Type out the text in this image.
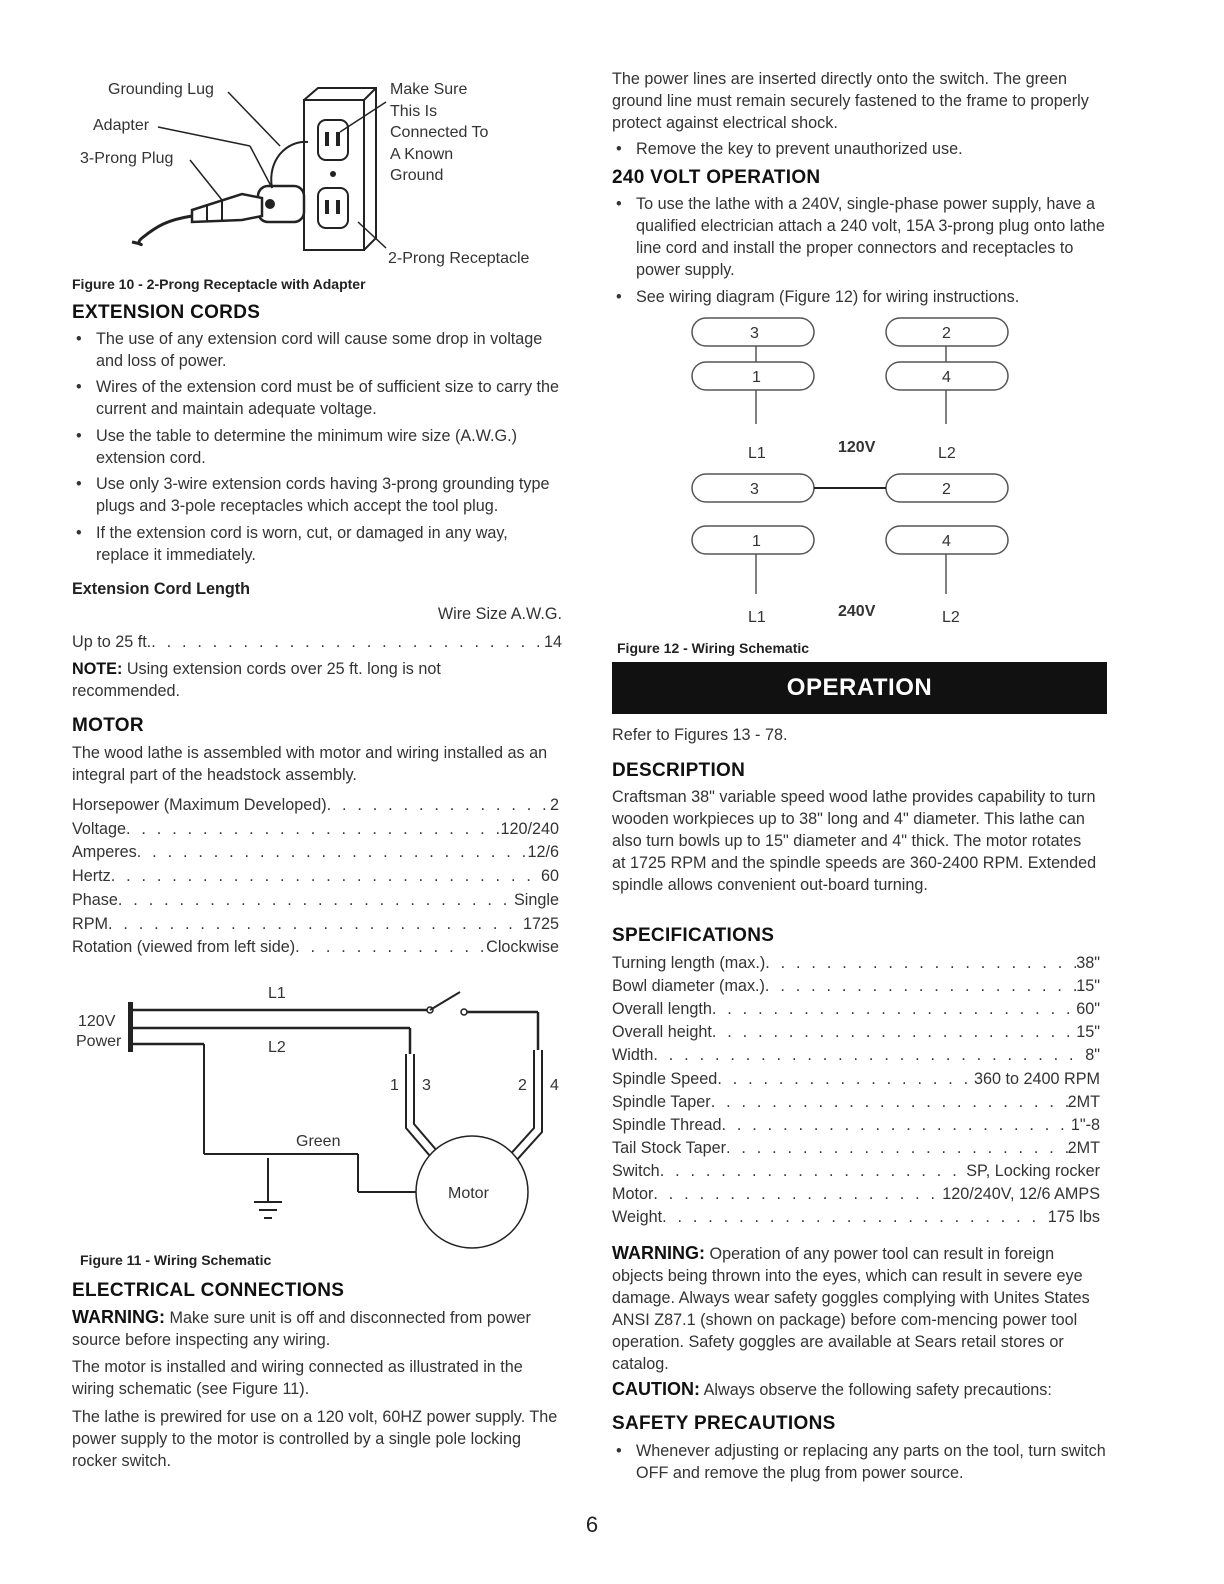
Grounding Lug
Adapter
3-Prong Plug
Make Sure
This Is
Connected To
A Known
Ground
2-Prong Receptacle
Figure 10 - 2-Prong Receptacle with Adapter
EXTENSION CORDS
• The use of any extension cord will cause some drop in voltage and loss of power.
• Wires of the extension cord must be of sufficient size to carry the current and maintain adequate voltage.
• Use the table to determine the minimum wire size (A.W.G.) extension cord.
• Use only 3-wire extension cords having 3-prong grounding type plugs and 3-pole receptacles which accept the tool plug.
• If the extension cord is worn, cut, or damaged in any way, replace it immediately.
Extension Cord Length
Wire Size A.W.G.
Up to 25 ft. . . .	14
NOTE: Using extension cords over 25 ft. long is not recommended.
MOTOR
The wood lathe is assembled with motor and wiring installed as an integral part of the headstock assembly.
Horsepower (Maximum Developed) . . .	2
Voltage . . .	120/240
Amperes . . .	12/6
Hertz . . .	60
Phase . . .	Single
RPM . . .	1725
Rotation (viewed from left side) . . .	Clockwise
120V
Power
L1
L2
1 3	2 4
Green
Motor
Figure 11 - Wiring Schematic
ELECTRICAL CONNECTIONS
WARNING: Make sure unit is off and disconnected from power source before inspecting any wiring.
The motor is installed and wiring connected as illustrated in the wiring schematic (see Figure 11).
The lathe is prewired for use on a 120 volt, 60HZ power supply. The power supply to the motor is controlled by a single pole locking rocker switch.
The power lines are inserted directly onto the switch. The green ground line must remain securely fastened to the frame to properly protect against electrical shock.
• Remove the key to prevent unauthorized use.
240 VOLT OPERATION
• To use the lathe with a 240V, single-phase power supply, have a qualified electrician attach a 240 volt, 15A 3-prong plug onto lathe line cord and install the proper connectors and receptacles to power supply.
• See wiring diagram (Figure 12) for wiring instructions.
3	2
1	4
L1	120V	L2
3	2
1	4
L1	240V	L2
Figure 12 - Wiring Schematic
OPERATION
Refer to Figures 13 - 78.
DESCRIPTION
Craftsman 38" variable speed wood lathe provides capability to turn wooden workpieces up to 38" long and 4" diameter. This lathe can also turn bowls up to 15" diameter and 4" thick. The motor rotates at 1725 RPM and the spindle speeds are 360-2400 RPM. Extended spindle allows convenient out-board turning.
SPECIFICATIONS
Turning length (max.) . . .	38"
Bowl diameter (max.) . . .	15"
Overall length . . .	60"
Overall height . . .	15"
Width . . .	8"
Spindle Speed . . .	360 to 2400 RPM
Spindle Taper . . .	2MT
Spindle Thread . . .	1"-8
Tail Stock Taper . . .	2MT
Switch . . .	SP, Locking rocker
Motor . . .	120/240V, 12/6 AMPS
Weight . . .	175 lbs
WARNING: Operation of any power tool can result in foreign objects being thrown into the eyes, which can result in severe eye damage. Always wear safety goggles complying with Unites States ANSI Z87.1 (shown on package) before com-mencing power tool operation. Safety goggles are available at Sears retail stores or catalog.
CAUTION: Always observe the following safety precautions:
SAFETY PRECAUTIONS
• Whenever adjusting or replacing any parts on the tool, turn switch OFF and remove the plug from power source.
6
